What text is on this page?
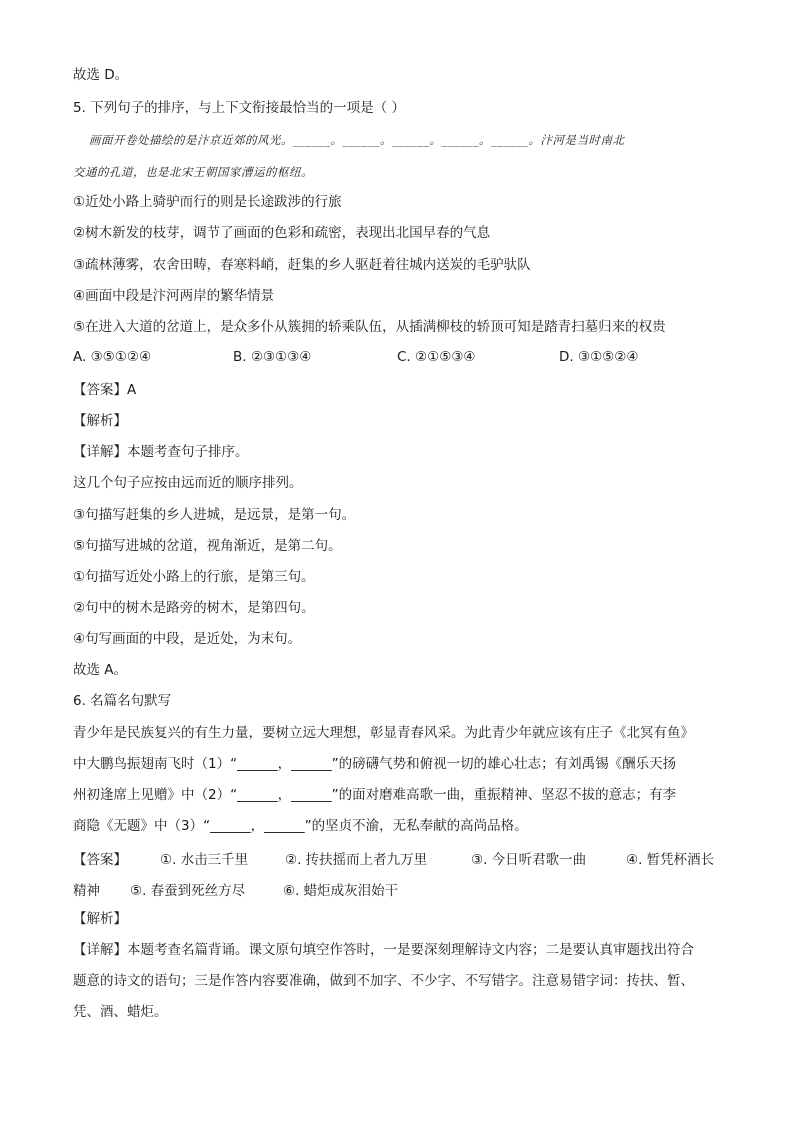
故选 D。
5. 下列句子的排序，与上下文衔接最恰当的一项是（ ）
画面开卷处描绘的是汴京近郊的风光。______。______。______。______。______。汴河是当时南北
交通的孔道，也是北宋王朝国家漕运的枢纽。
①近处小路上骑驴而行的则是长途跋涉的行旅
②树木新发的枝芽，调节了画面的色彩和疏密，表现出北国早春的气息
③疏林薄雾，农舍田畴，春寒料峭，赶集的乡人驱赶着往城内送炭的毛驴驮队
④画面中段是汴河两岸的繁华情景
⑤在进入大道的岔道上，是众多仆从簇拥的轿乘队伍，从插满柳枝的轿顶可知是踏青扫墓归来的权贵
A. ③⑤①②④	B. ②③①③④	C. ②①⑤③④	D. ③①⑤②④
【答案】A
【解析】
【详解】本题考查句子排序。
这几个句子应按由远而近的顺序排列。
③句描写赶集的乡人进城，是远景，是第一句。
⑤句描写进城的岔道，视角渐近，是第二句。
①句描写近处小路上的行旅，是第三句。
②句中的树木是路旁的树木，是第四句。
④句写画面的中段，是近处，为末句。
故选 A。
6. 名篇名句默写
青少年是民族复兴的有生力量，要树立远大理想，彰显青春风采。为此青少年就应该有庄子《北冥有鱼》
中大鹏鸟振翅南飞时（1）“______，______”的磅礴气势和俯视一切的雄心壮志；有刘禹锡《酬乐天扬
州初逢席上见赠》中（2）“______，______”的面对磨难高歌一曲，重振精神、坚忍不拔的意志；有李
商隐《无题》中（3）“______，______”的坚贞不渝，无私奉献的高尚品格。
【答案】 ①. 水击三千里	②. 抟扶摇而上者九万里	③. 今日听君歌一曲	④. 暂凭杯酒长
精神 ⑤. 春蚕到死丝方尽	⑥. 蜡炬成灰泪始干
【解析】
【详解】本题考查名篇背诵。课文原句填空作答时，一是要深刻理解诗文内容；二是要认真审题找出符合
题意的诗文的语句；三是作答内容要准确，做到不加字、不少字、不写错字。注意易错字词：抟扶、暂、
凭、酒、蜡炬。
